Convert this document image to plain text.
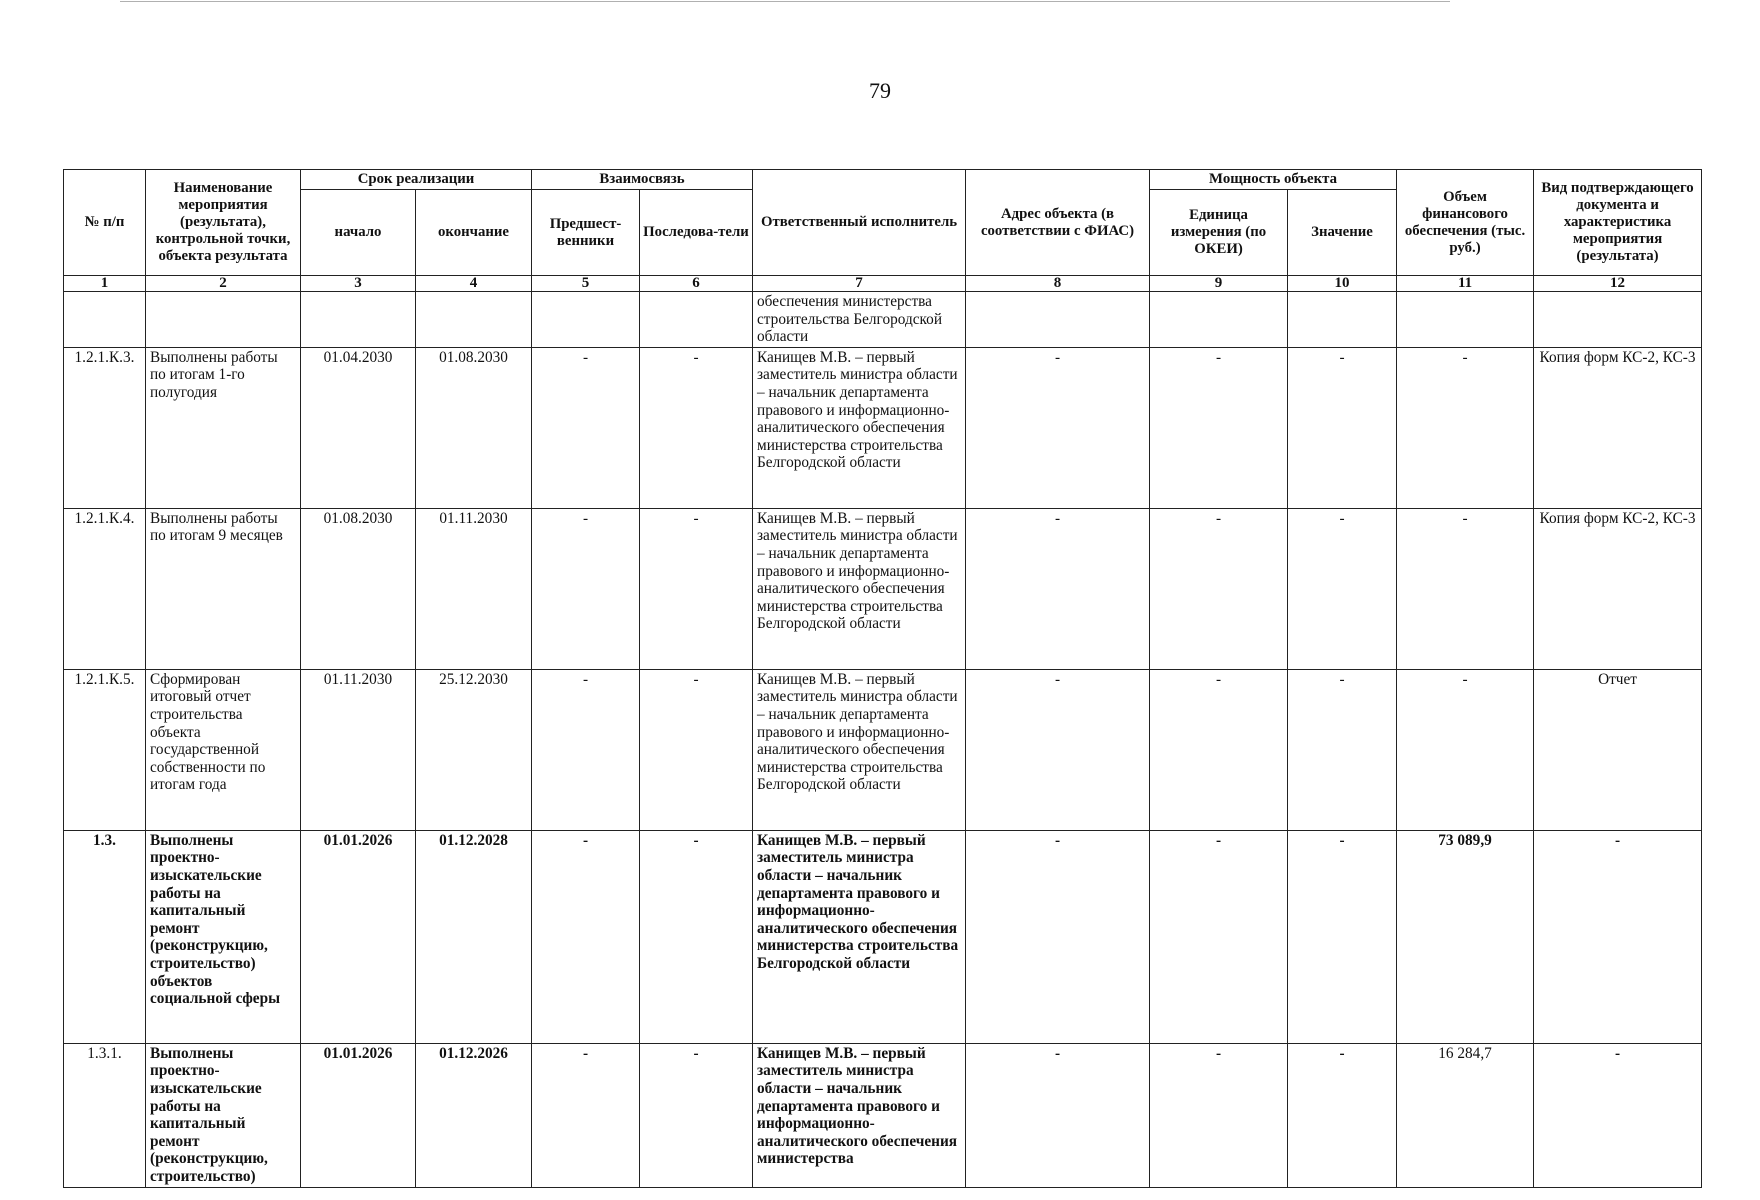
79
№ п/п	Наименование мероприятия (результата), контрольной точки, объекта результата	Срок реализации		Взаимосвязь		Ответственный исполнитель	Адрес объекта (в соответствии с ФИАС)	Мощность объекта		Объем финансового обеспечения (тыс. руб.)	Вид подтверждающего документа и характеристика мероприятия (результата)
		начало	окончание	Предшест-венники	Последова-тели			Единица измерения (по ОКЕИ)	Значение		
1	2	3	4	5	6	7	8	9	10	11	12
						обеспечения министерства строительства Белгородской области					
1.2.1.К.3.	Выполнены работы по итогам 1-го полугодия	01.04.2030	01.08.2030	-	-	Канищев М.В. – первый заместитель министра области – начальник департамента правового и информационно-аналитического обеспечения министерства строительства Белгородской области	-	-	-	-	Копия форм КС-2, КС-3
1.2.1.К.4.	Выполнены работы по итогам 9 месяцев	01.08.2030	01.11.2030	-	-	Канищев М.В. – первый заместитель министра области – начальник департамента правового и информационно-аналитического обеспечения министерства строительства Белгородской области	-	-	-	-	Копия форм КС-2, КС-3
1.2.1.К.5.	Сформирован итоговый отчет строительства объекта государственной собственности по итогам года	01.11.2030	25.12.2030	-	-	Канищев М.В. – первый заместитель министра области – начальник департамента правового и информационно-аналитического обеспечения министерства строительства Белгородской области	-	-	-	-	Отчет
1.3.	Выполнены проектно-изыскательские работы на капитальный ремонт (реконструкцию, строительство) объектов социальной сферы	01.01.2026	01.12.2028	-	-	Канищев М.В. – первый заместитель министра области – начальник департамента правового и информационно-аналитического обеспечения министерства строительства Белгородской области	-	-	-	73 089,9	-
1.3.1.	Выполнены проектно-изыскательские работы на капитальный ремонт (реконструкцию, строительство)	01.01.2026	01.12.2026	-	-	Канищев М.В. – первый заместитель министра области – начальник департамента правового и информационно-аналитического обеспечения министерства	-	-	-	16 284,7	-
